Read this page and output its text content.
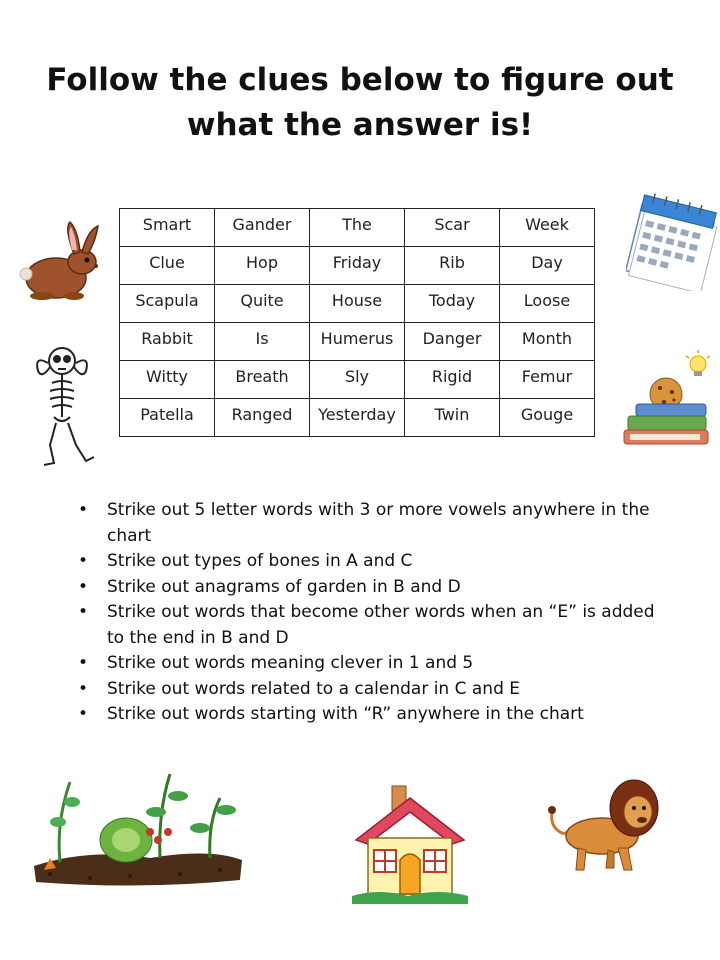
Follow the clues below to figure out
what the answer is!
Smart	Gander	The	Scar	Week
Clue	Hop	Friday	Rib	Day
Scapula	Quite	House	Today	Loose
Rabbit	Is	Humerus	Danger	Month
Witty	Breath	Sly	Rigid	Femur
Patella	Ranged	Yesterday	Twin	Gouge
• Strike out 5 letter words with 3 or more vowels anywhere in the chart
• Strike out types of bones in A and C
• Strike out anagrams of garden in B and D
• Strike out words that become other words when an “E” is added to the end in B and D
• Strike out words meaning clever in 1 and 5
• Strike out words related to a calendar in C and E
• Strike out words starting with “R” anywhere in the chart
